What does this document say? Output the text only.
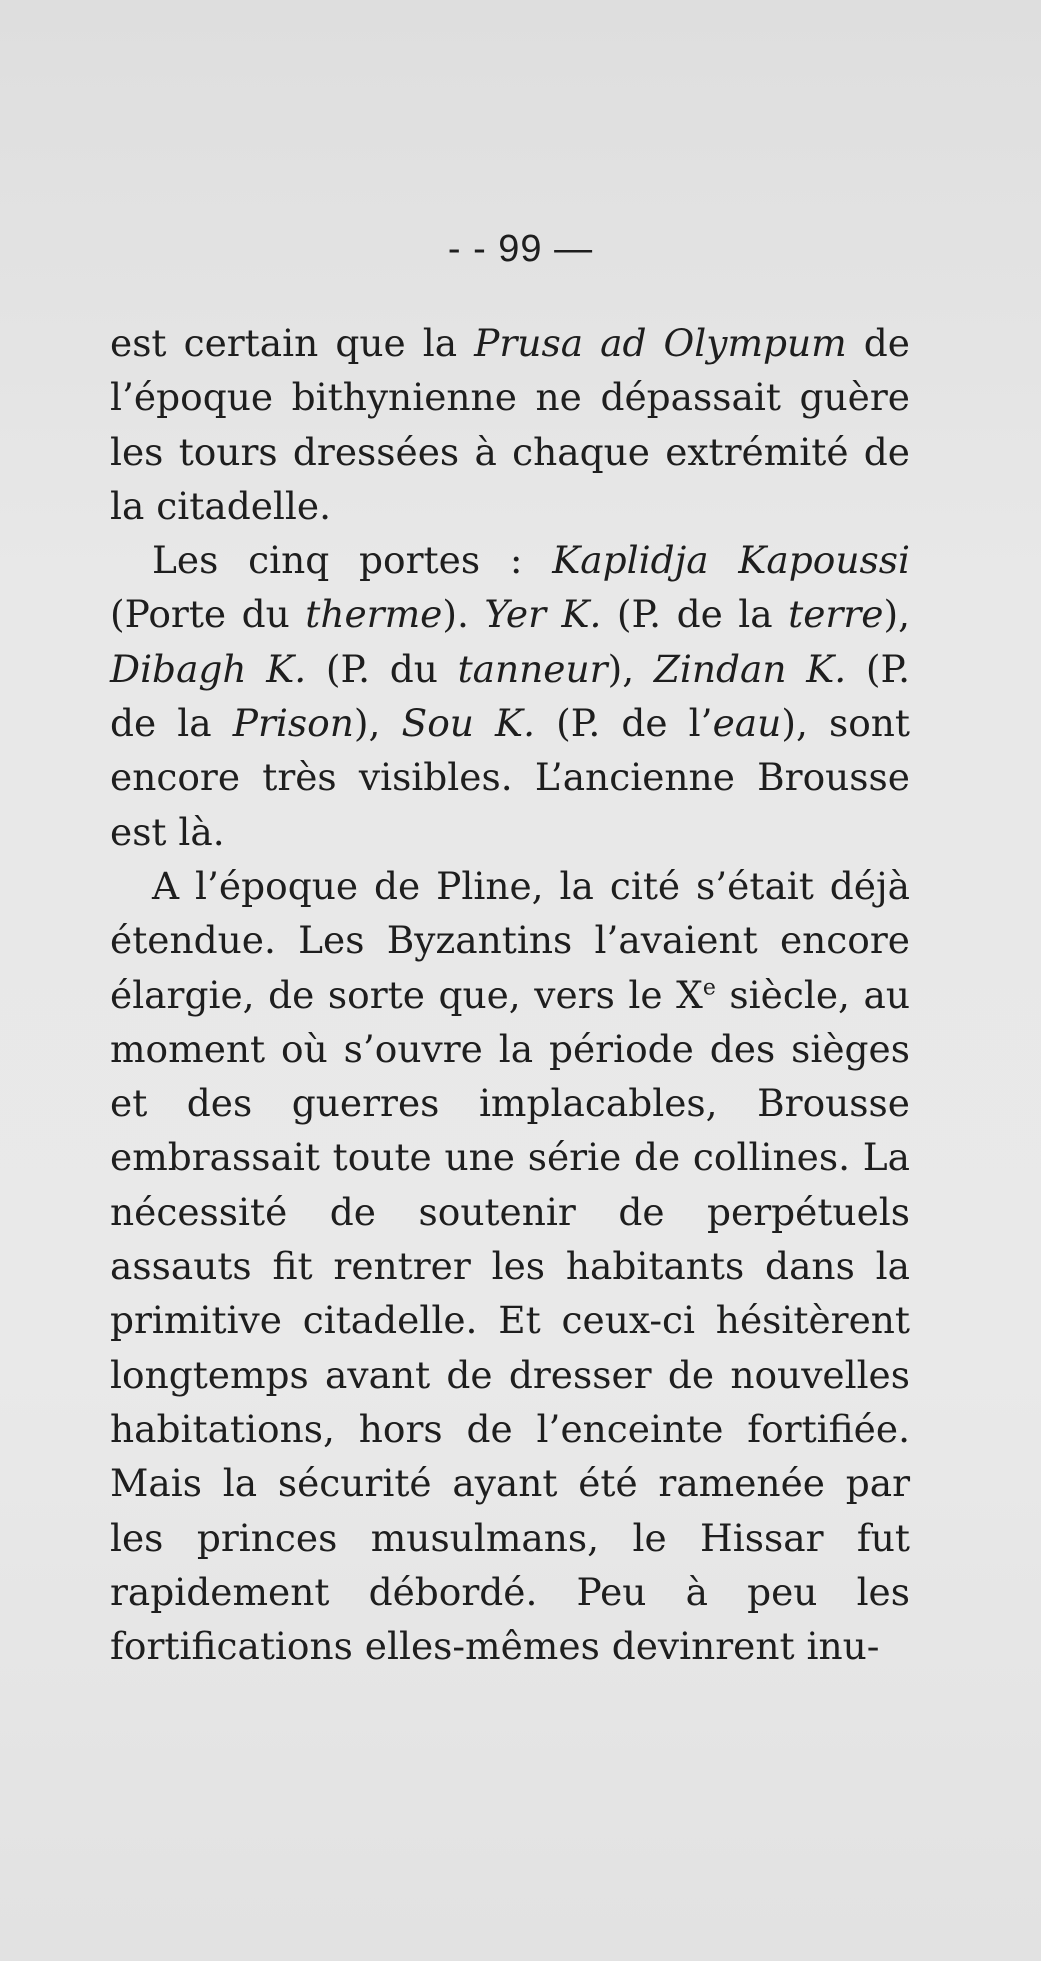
- - 99 —

est certain que la Prusa ad Olympum de l’époque bithynienne ne dépassait guère les tours dressées à chaque extrémité de la citadelle.

Les cinq portes : Kaplidja Kapoussi (Porte du therme). Yer K. (P. de la terre), Dibagh K. (P. du tanneur), Zindan K. (P. de la Prison), Sou K. (P. de l’eau), sont encore très visibles. L’ancienne Brousse est là.

A l’époque de Pline, la cité s’était déjà étendue. Les Byzantins l’avaient encore élargie, de sorte que, vers le Xe siècle, au moment où s’ouvre la période des sièges et des guerres implacables, Brousse embrassait toute une série de collines. La nécessité de soutenir de perpétuels assauts fit rentrer les habitants dans la primitive citadelle. Et ceux-ci hésitèrent longtemps avant de dresser de nouvelles habitations, hors de l’enceinte fortifiée. Mais la sécurité ayant été ramenée par les princes musulmans, le Hissar fut rapidement débordé. Peu à peu les fortifications elles-mêmes devinrent inu-
